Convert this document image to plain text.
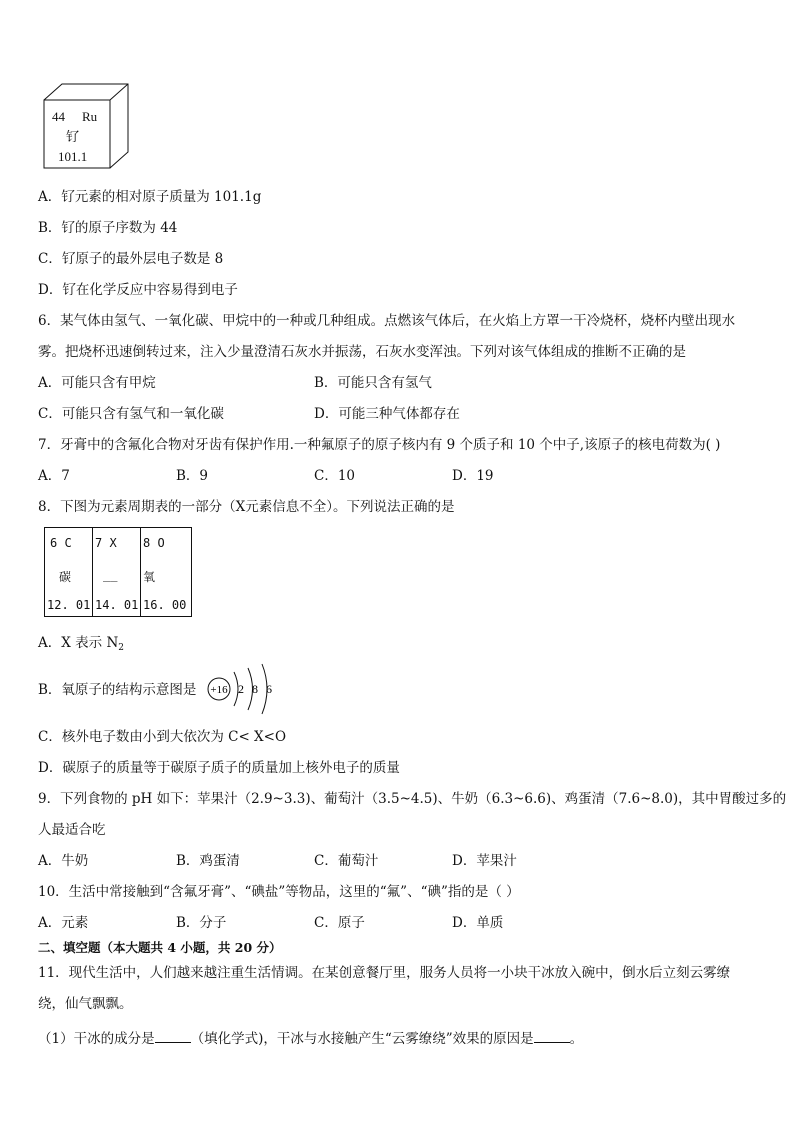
44 Ru
钌
101.1
A．钌元素的相对原子质量为 101.1g
B．钌的原子序数为 44
C．钌原子的最外层电子数是 8
D．钌在化学反应中容易得到电子
6．某气体由氢气、一氧化碳、甲烷中的一种或几种组成。点燃该气体后，在火焰上方罩一干冷烧杯，烧杯内壁出现水
雾。把烧杯迅速倒转过来，注入少量澄清石灰水并振荡，石灰水变浑浊。下列对该气体组成的推断不正确的是
A．可能只含有甲烷	B．可能只含有氢气
C．可能只含有氢气和一氧化碳	D．可能三种气体都存在
7．牙膏中的含氟化合物对牙齿有保护作用.一种氟原子的原子核内有 9 个质子和 10 个中子,该原子的核电荷数为( )
A．7	B．9	C．10	D．19
8．下图为元素周期表的一部分（X元素信息不全）。下列说法正确的是
6 C
碳
12. 01

7 X
__
14. 01

8 O
氧
16. 00
A．X 表示 $N_2$
B．氧原子的结构示意图是 +16 2 8 6
C．核外电子数由小到大依次为 C< X<O
D．碳原子的质量等于碳原子质子的质量加上核外电子的质量
9．下列食物的 pH 如下：苹果汁（2.9~3.3)、葡萄汁（3.5~4.5)、牛奶（6.3~6.6)、鸡蛋清（7.6~8.0)，其中胃酸过多的
人最适合吃
A．牛奶	B．鸡蛋清	C．葡萄汁	D．苹果汁
10．生活中常接触到“含氟牙膏”、“碘盐”等物品，这里的“氟”、“碘”指的是（ ）
A．元素	B．分子	C．原子	D．单质
二、填空题（本大题共 4 小题，共 20 分）
11．现代生活中，人们越来越注重生活情调。在某创意餐厅里，服务人员将一小块干冰放入碗中，倒水后立刻云雾缭
绕，仙气飘飘。
（1）干冰的成分是	（填化学式)，干冰与水接触产生“云雾缭绕”效果的原因是	。
